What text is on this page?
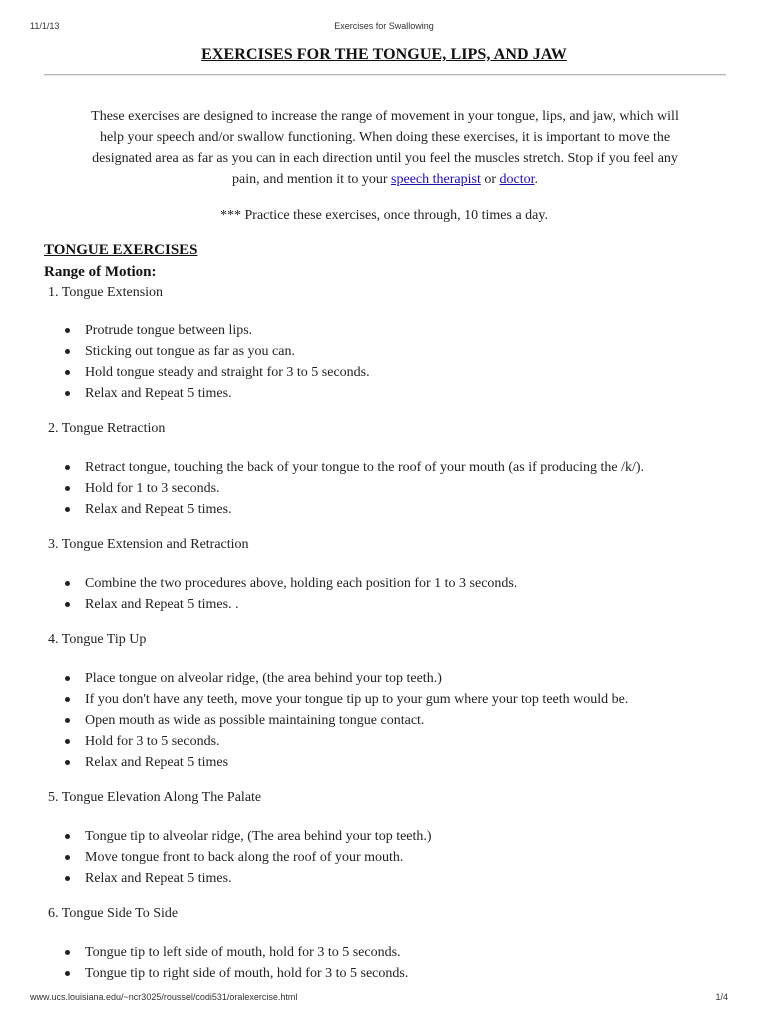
11/1/13	Exercises for Swallowing
EXERCISES FOR THE TONGUE, LIPS, AND JAW
These exercises are designed to increase the range of movement in your tongue, lips, and jaw, which will help your speech and/or swallow functioning. When doing these exercises, it is important to move the designated area as far as you can in each direction until you feel the muscles stretch. Stop if you feel any pain, and mention it to your speech therapist or doctor.
*** Practice these exercises, once through, 10 times a day.
TONGUE EXERCISES
Range of Motion:
1. Tongue Extension
Protrude tongue between lips.
Sticking out tongue as far as you can.
Hold tongue steady and straight for 3 to 5 seconds.
Relax and Repeat 5 times.
2. Tongue Retraction
Retract tongue, touching the back of your tongue to the roof of your mouth (as if producing the /k/).
Hold for 1 to 3 seconds.
Relax and Repeat 5 times.
3. Tongue Extension and Retraction
Combine the two procedures above, holding each position for 1 to 3 seconds.
Relax and Repeat 5 times. .
4. Tongue Tip Up
Place tongue on alveolar ridge, (the area behind your top teeth.)
If you don't have any teeth, move your tongue tip up to your gum where your top teeth would be.
Open mouth as wide as possible maintaining tongue contact.
Hold for 3 to 5 seconds.
Relax and Repeat 5 times
5. Tongue Elevation Along The Palate
Tongue tip to alveolar ridge, (The area behind your top teeth.)
Move tongue front to back along the roof of your mouth.
Relax and Repeat 5 times.
6. Tongue Side To Side
Tongue tip to left side of mouth, hold for 3 to 5 seconds.
Tongue tip to right side of mouth, hold for 3 to 5 seconds.
www.ucs.louisiana.edu/~ncr3025/roussel/codi531/oralexercise.html	1/4
